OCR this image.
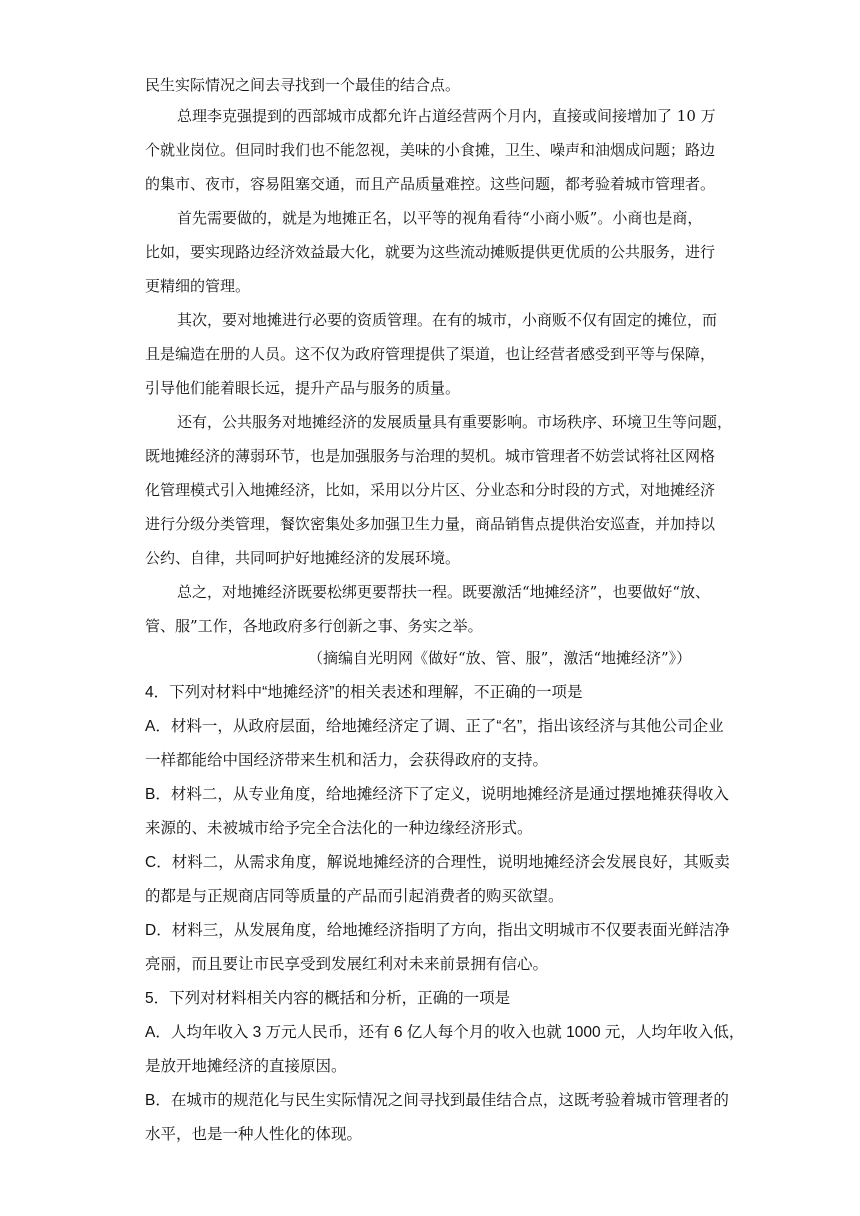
民生实际情况之间去寻找到一个最佳的结合点。
总理李克强提到的西部城市成都允许占道经营两个月内，直接或间接增加了 10 万
个就业岗位。但同时我们也不能忽视，美味的小食摊，卫生、噪声和油烟成问题；路边
的集市、夜市，容易阻塞交通，而且产品质量难控。这些问题，都考验着城市管理者。
首先需要做的，就是为地摊正名，以平等的视角看待“小商小贩”。小商也是商，
比如，要实现路边经济效益最大化，就要为这些流动摊贩提供更优质的公共服务，进行
更精细的管理。
其次，要对地摊进行必要的资质管理。在有的城市，小商贩不仅有固定的摊位，而
且是编造在册的人员。这不仅为政府管理提供了渠道，也让经营者感受到平等与保障，
引导他们能着眼长远，提升产品与服务的质量。
还有，公共服务对地摊经济的发展质量具有重要影响。市场秩序、环境卫生等问题，
既地摊经济的薄弱环节，也是加强服务与治理的契机。城市管理者不妨尝试将社区网格
化管理模式引入地摊经济，比如，采用以分片区、分业态和分时段的方式，对地摊经济
进行分级分类管理，餐饮密集处多加强卫生力量，商品销售点提供治安巡查，并加持以
公约、自律，共同呵护好地摊经济的发展环境。
总之，对地摊经济既要松绑更要帮扶一程。既要激活“地摊经济”，也要做好“放、
管、服”工作，各地政府多行创新之事、务实之举。
（摘编自光明网《做好“放、管、服”，激活“地摊经济”》）
4．下列对材料中“地摊经济”的相关表述和理解，不正确的一项是
A．材料一，从政府层面，给地摊经济定了调、正了“名”，指出该经济与其他公司企业
一样都能给中国经济带来生机和活力，会获得政府的支持。
B．材料二，从专业角度，给地摊经济下了定义，说明地摊经济是通过摆地摊获得收入
来源的、未被城市给予完全合法化的一种边缘经济形式。
C．材料二，从需求角度，解说地摊经济的合理性，说明地摊经济会发展良好，其贩卖
的都是与正规商店同等质量的产品而引起消费者的购买欲望。
D．材料三，从发展角度，给地摊经济指明了方向，指出文明城市不仅要表面光鲜洁净
亮丽，而且要让市民享受到发展红利对未来前景拥有信心。
5．下列对材料相关内容的概括和分析，正确的一项是
A．人均年收入 3 万元人民币，还有 6 亿人每个月的收入也就 1000 元，人均年收入低，
是放开地摊经济的直接原因。
B．在城市的规范化与民生实际情况之间寻找到最佳结合点，这既考验着城市管理者的
水平，也是一种人性化的体现。
